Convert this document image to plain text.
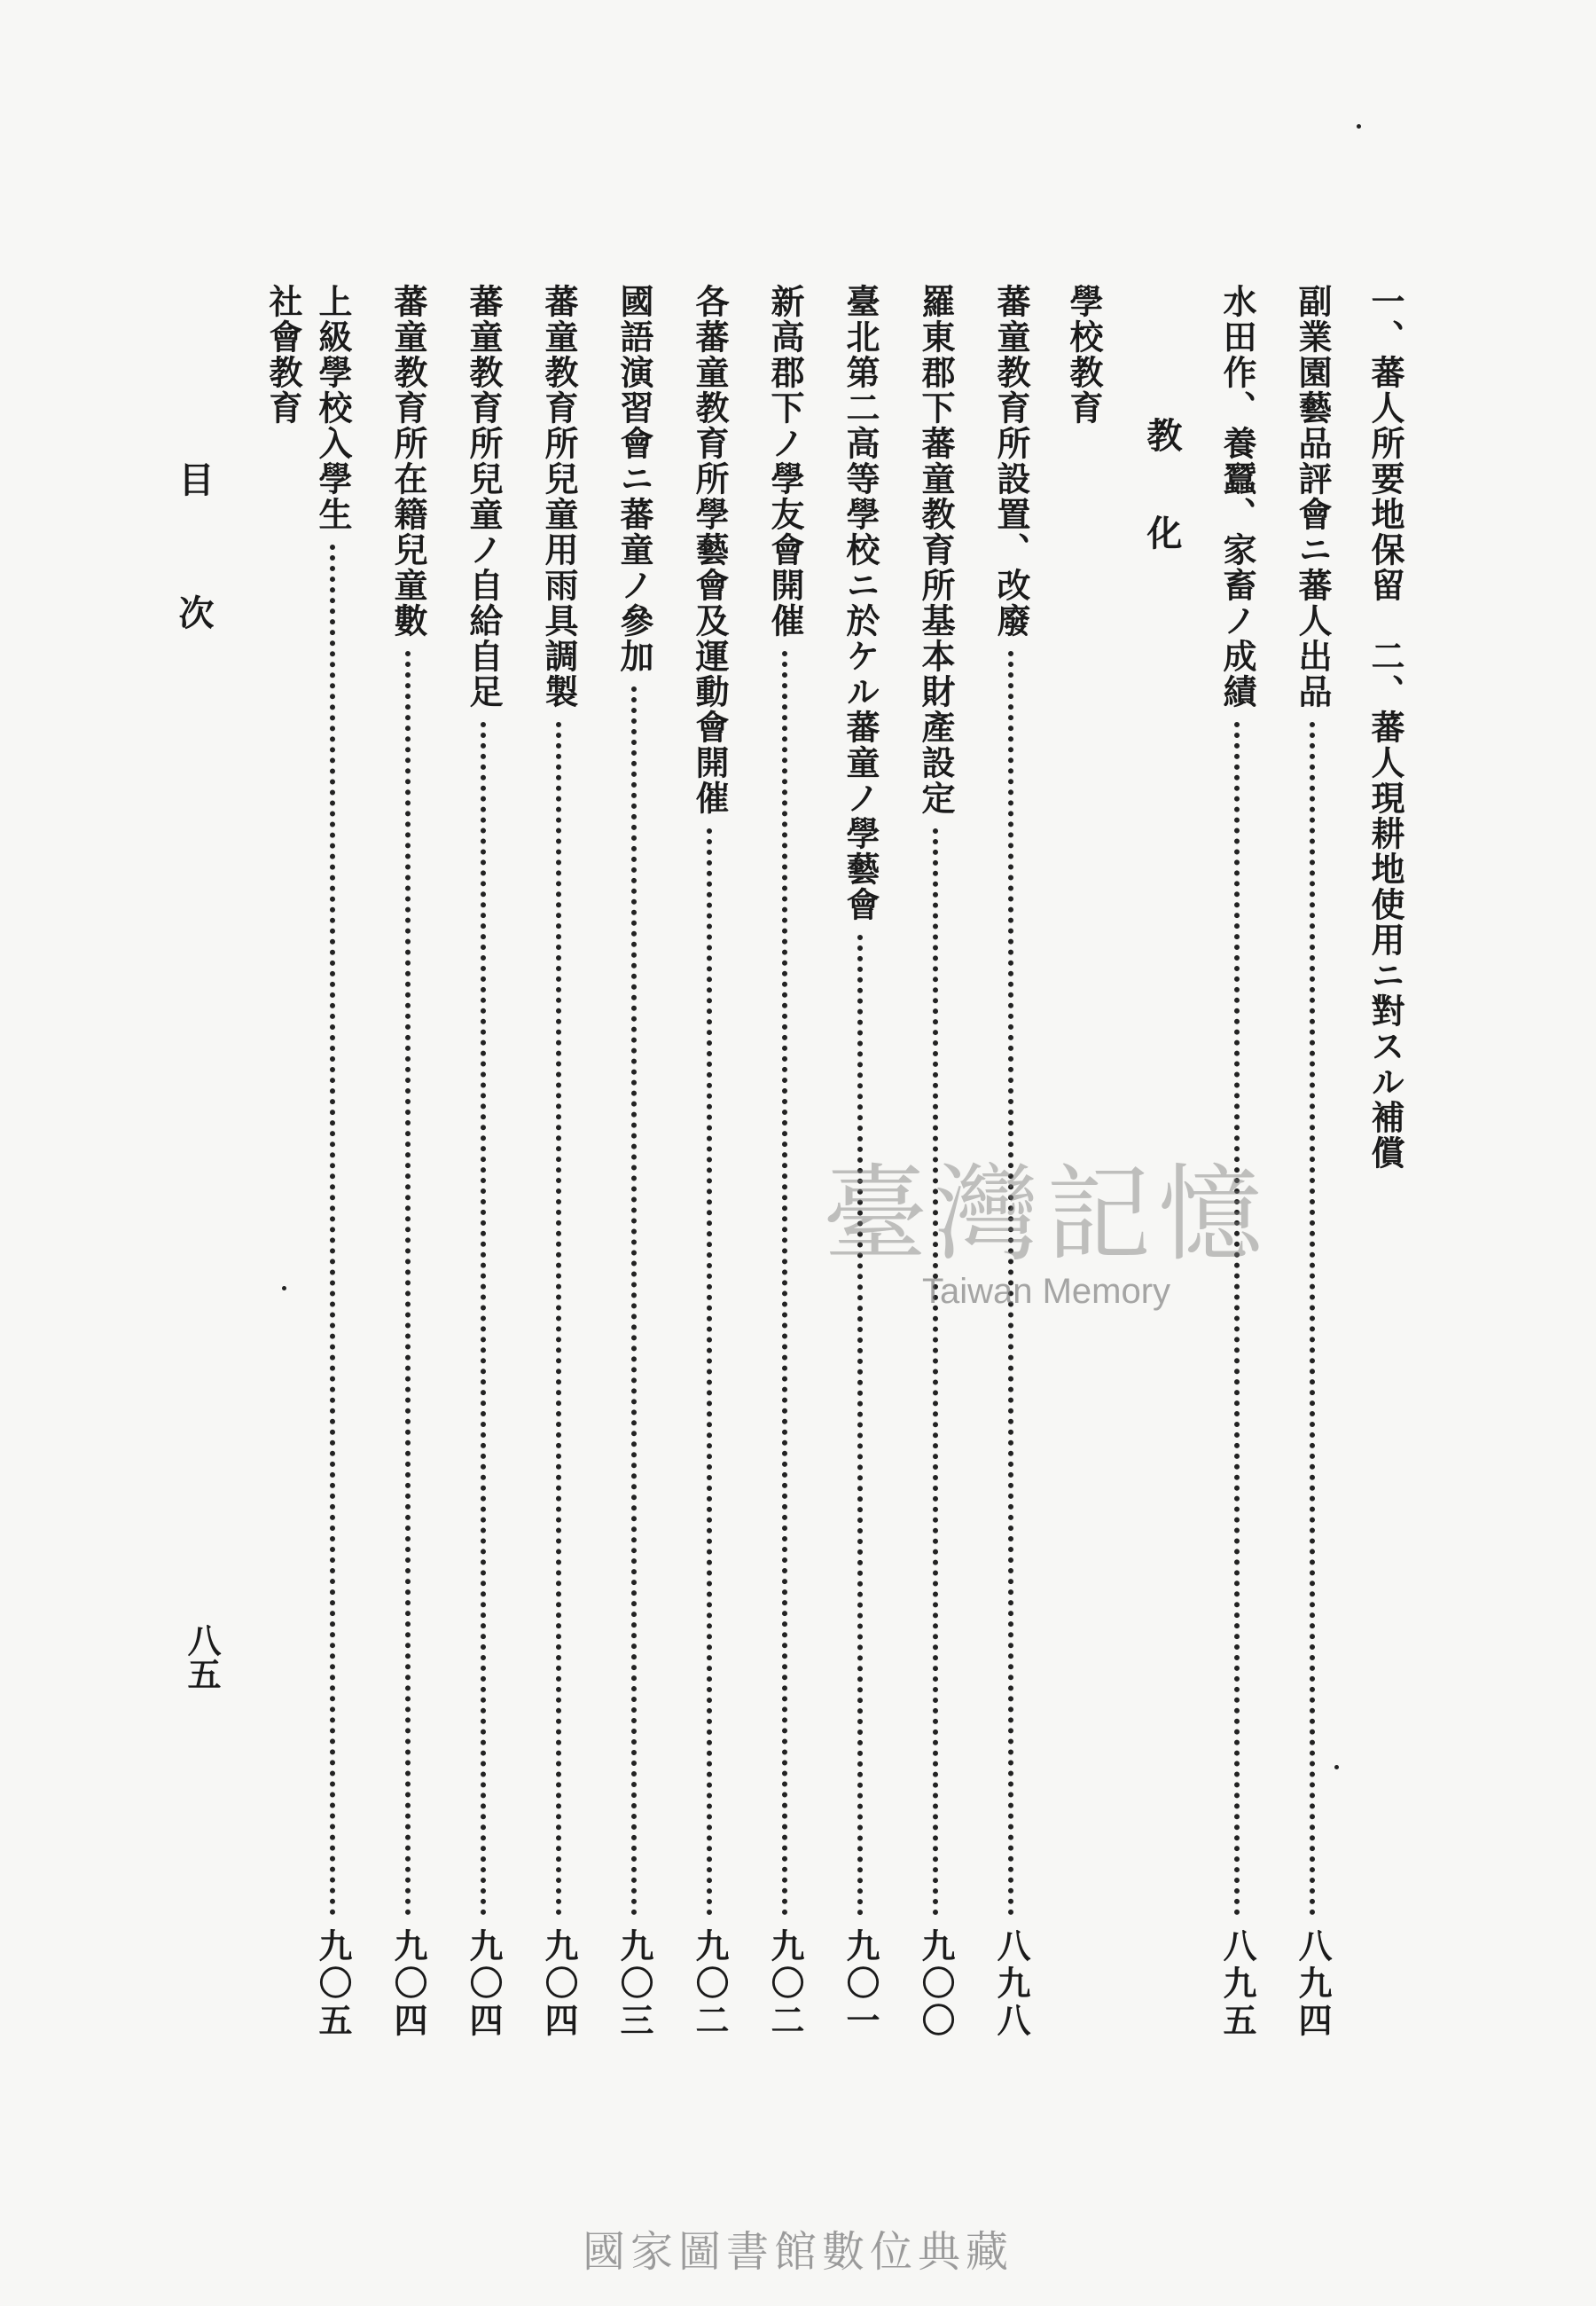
一、蕃人所要地保留　二、蕃人現耕地使用ニ對スル補償
副業園藝品評會ニ蕃人出品
八九四
水田作、養蠶、家畜ノ成績
八九五
教化
學校教育
蕃童教育所設置、改廢
八九八
羅東郡下蕃童教育所基本財產設定
九〇〇
臺北第二高等學校ニ於ケル蕃童ノ學藝會
九〇一
新高郡下ノ學友會開催
九〇二
各蕃童教育所學藝會及運動會開催
九〇二
國語演習會ニ蕃童ノ參加
九〇三
蕃童教育所兒童用雨具調製
九〇四
蕃童教育所兒童ノ自給自足
九〇四
蕃童教育所在籍兒童數
九〇四
上級學校入學生
九〇五
社會教育
目次
八五
臺灣記憶
Taiwan Memory
國家圖書館數位典藏
